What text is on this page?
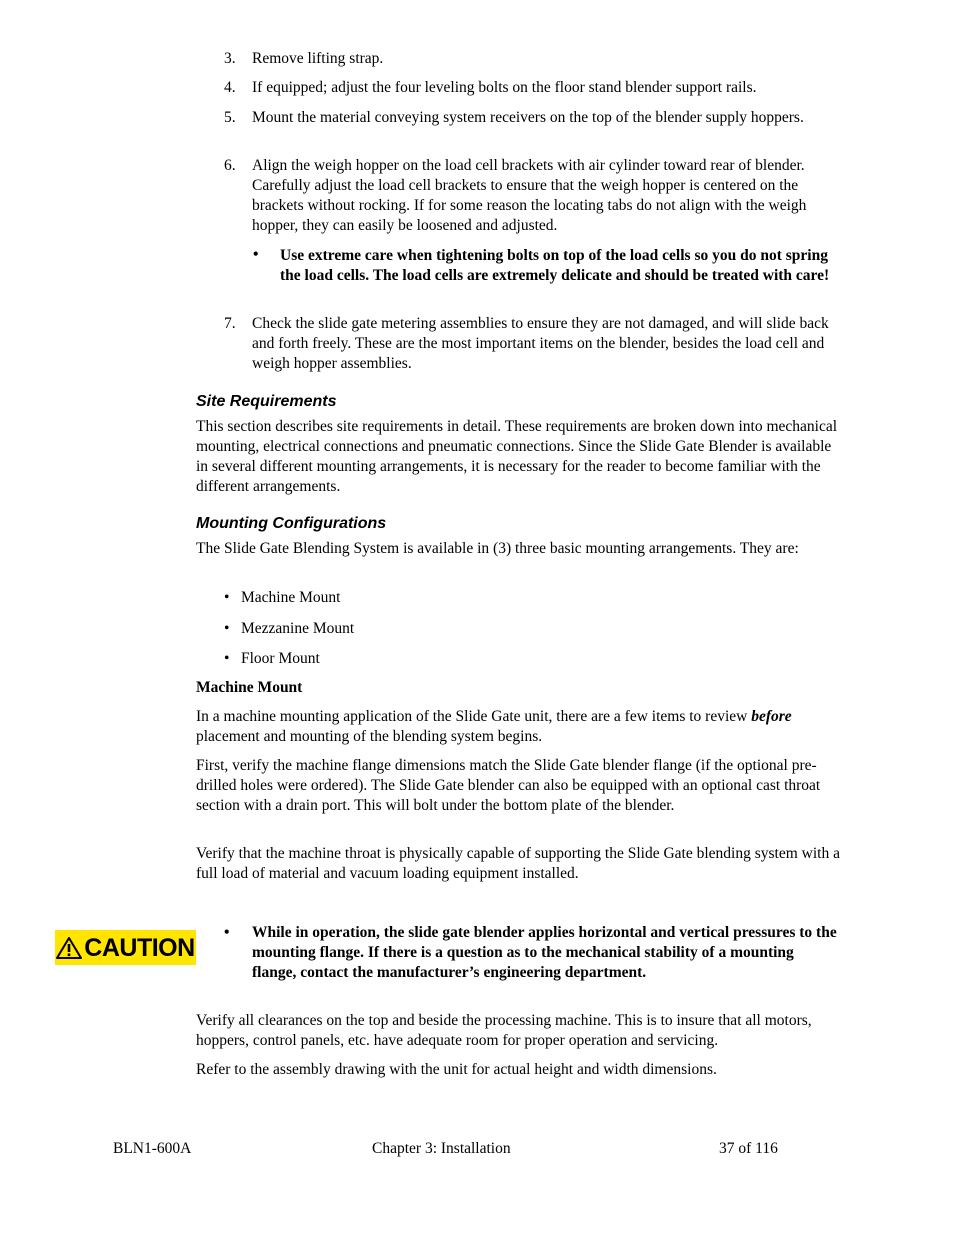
3. Remove lifting strap.
4. If equipped; adjust the four leveling bolts on the floor stand blender support rails.
5. Mount the material conveying system receivers on the top of the blender supply hoppers.
6. Align the weigh hopper on the load cell brackets with air cylinder toward rear of blender. Carefully adjust the load cell brackets to ensure that the weigh hopper is centered on the brackets without rocking. If for some reason the locating tabs do not align with the weigh hopper, they can easily be loosened and adjusted.
• Use extreme care when tightening bolts on top of the load cells so you do not spring the load cells. The load cells are extremely delicate and should be treated with care!
7. Check the slide gate metering assemblies to ensure they are not damaged, and will slide back and forth freely. These are the most important items on the blender, besides the load cell and weigh hopper assemblies.
Site Requirements
This section describes site requirements in detail. These requirements are broken down into mechanical mounting, electrical connections and pneumatic connections. Since the Slide Gate Blender is available in several different mounting arrangements, it is necessary for the reader to become familiar with the different arrangements.
Mounting Configurations
The Slide Gate Blending System is available in (3) three basic mounting arrangements. They are:
• Machine Mount
• Mezzanine Mount
• Floor Mount
Machine Mount
In a machine mounting application of the Slide Gate unit, there are a few items to review before placement and mounting of the blending system begins.
First, verify the machine flange dimensions match the Slide Gate blender flange (if the optional pre-drilled holes were ordered). The Slide Gate blender can also be equipped with an optional cast throat section with a drain port. This will bolt under the bottom plate of the blender.
Verify that the machine throat is physically capable of supporting the Slide Gate blending system with a full load of material and vacuum loading equipment installed.
CAUTION
• While in operation, the slide gate blender applies horizontal and vertical pressures to the mounting flange. If there is a question as to the mechanical stability of a mounting flange, contact the manufacturer’s engineering department.
Verify all clearances on the top and beside the processing machine. This is to insure that all motors, hoppers, control panels, etc. have adequate room for proper operation and servicing.
Refer to the assembly drawing with the unit for actual height and width dimensions.
BLN1-600A	Chapter 3: Installation	37 of 116
